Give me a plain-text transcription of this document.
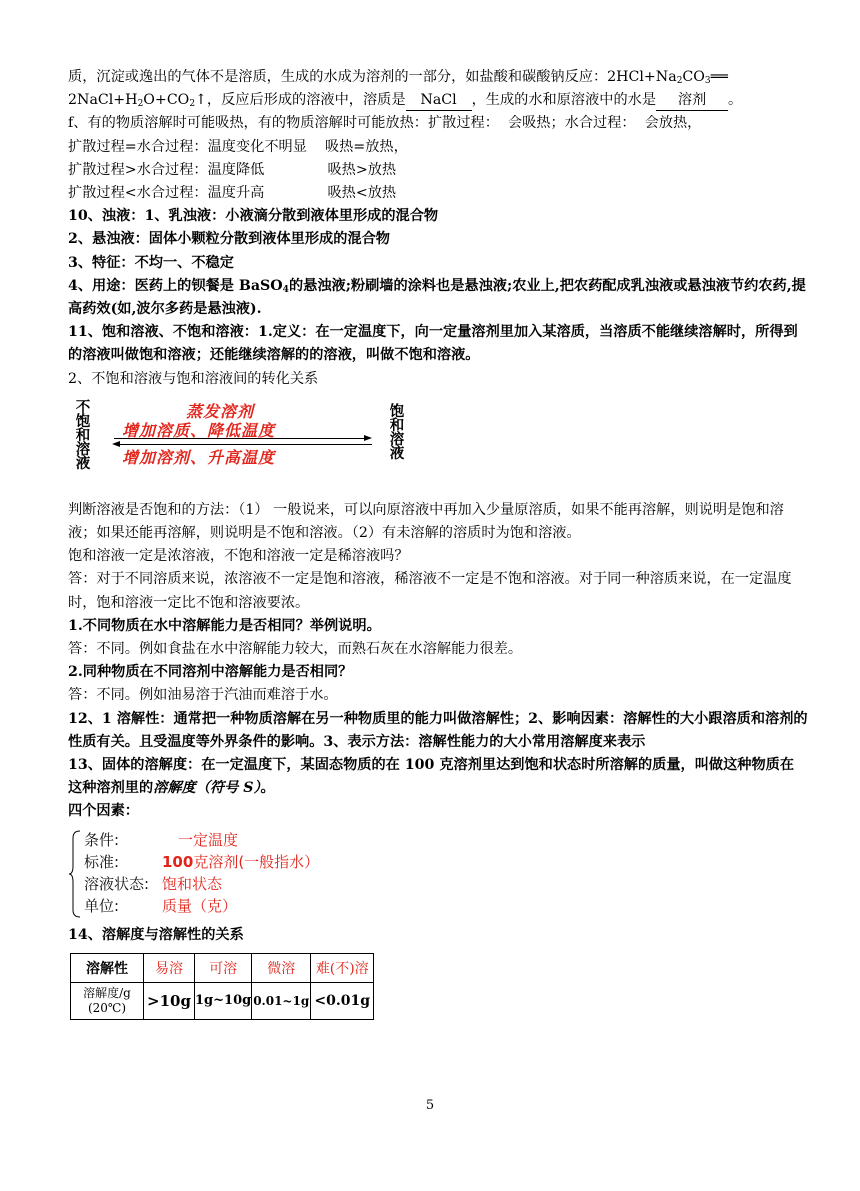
质，沉淀或逸出的气体不是溶质，生成的水成为溶剂的一部分，如盐酸和碳酸钠反应：$2HCl+Na_2CO_3══$

$2NaCl+H_2O+CO_2↑$，反应后形成的溶液中，溶质是 NaCl ，生成的水和原溶液中的水是 溶剂 。

f、有的物质溶解时可能吸热，有的物质溶解时可能放热：扩散过程：  会吸热；水合过程：  会放热，

扩散过程=水合过程：温度变化不明显    吸热=放热，

扩散过程>水合过程：温度降低              吸热>放热

扩散过程<水合过程：温度升高              吸热<放热

10、浊液：1、乳浊液：小液滴分散到液体里形成的混合物

2、悬浊液：固体小颗粒分散到液体里形成的混合物

3、特征：不均一、不稳定

4、用途：医药上的钡餐是 BaSO$_4$的悬浊液;粉刷墙的涂料也是悬浊液;农业上,把农药配成乳浊液或悬浊液节约农药,提高药效(如,波尔多药是悬浊液).

11、饱和溶液、不饱和溶液：1.定义：在一定温度下，向一定量溶剂里加入某溶质，当溶质不能继续溶解时，所得到的溶液叫做饱和溶液；还能继续溶解的的溶液，叫做不饱和溶液。

2、不饱和溶液与饱和溶液间的转化关系

不
饱
和
溶
液
蒸发溶剂
增加溶质、降低温度
增加溶剂、升高温度
饱
和
溶
液

判断溶液是否饱和的方法：（1） 一般说来，可以向原溶液中再加入少量原溶质，如果不能再溶解，则说明是饱和溶液；如果还能再溶解，则说明是不饱和溶液。（2）有未溶解的溶质时为饱和溶液。

饱和溶液一定是浓溶液，不饱和溶液一定是稀溶液吗？

答：对于不同溶质来说，浓溶液不一定是饱和溶液，稀溶液不一定是不饱和溶液。对于同一种溶质来说，在一定温度时，饱和溶液一定比不饱和溶液要浓。

1.不同物质在水中溶解能力是否相同？举例说明。

答：不同。例如食盐在水中溶解能力较大，而熟石灰在水溶解能力很差。

2.同种物质在不同溶剂中溶解能力是否相同？

答：不同。例如油易溶于汽油而难溶于水。

12、1 溶解性：通常把一种物质溶解在另一种物质里的能力叫做溶解性；2、影响因素：溶解性的大小跟溶质和溶剂的性质有关。且受温度等外界条件的影响。3、表示方法：溶解性能力的大小常用溶解度来表示

13、固体的溶解度：在一定温度下，某固态物质的在 100 克溶剂里达到饱和状态时所溶解的质量，叫做这种物质在这种溶剂里的溶解度（符号 S）。

四个因素：

条件:	一定温度
标准:	100克溶剂(一般指水）
溶液状态: 饱和状态
单位:	质量（克）

14、溶解度与溶解性的关系

溶解性	易溶	可溶	微溶	难(不)溶
溶解度/g
(20℃)	>10g	1g~10g	0.01~1g	<0.01g
5
